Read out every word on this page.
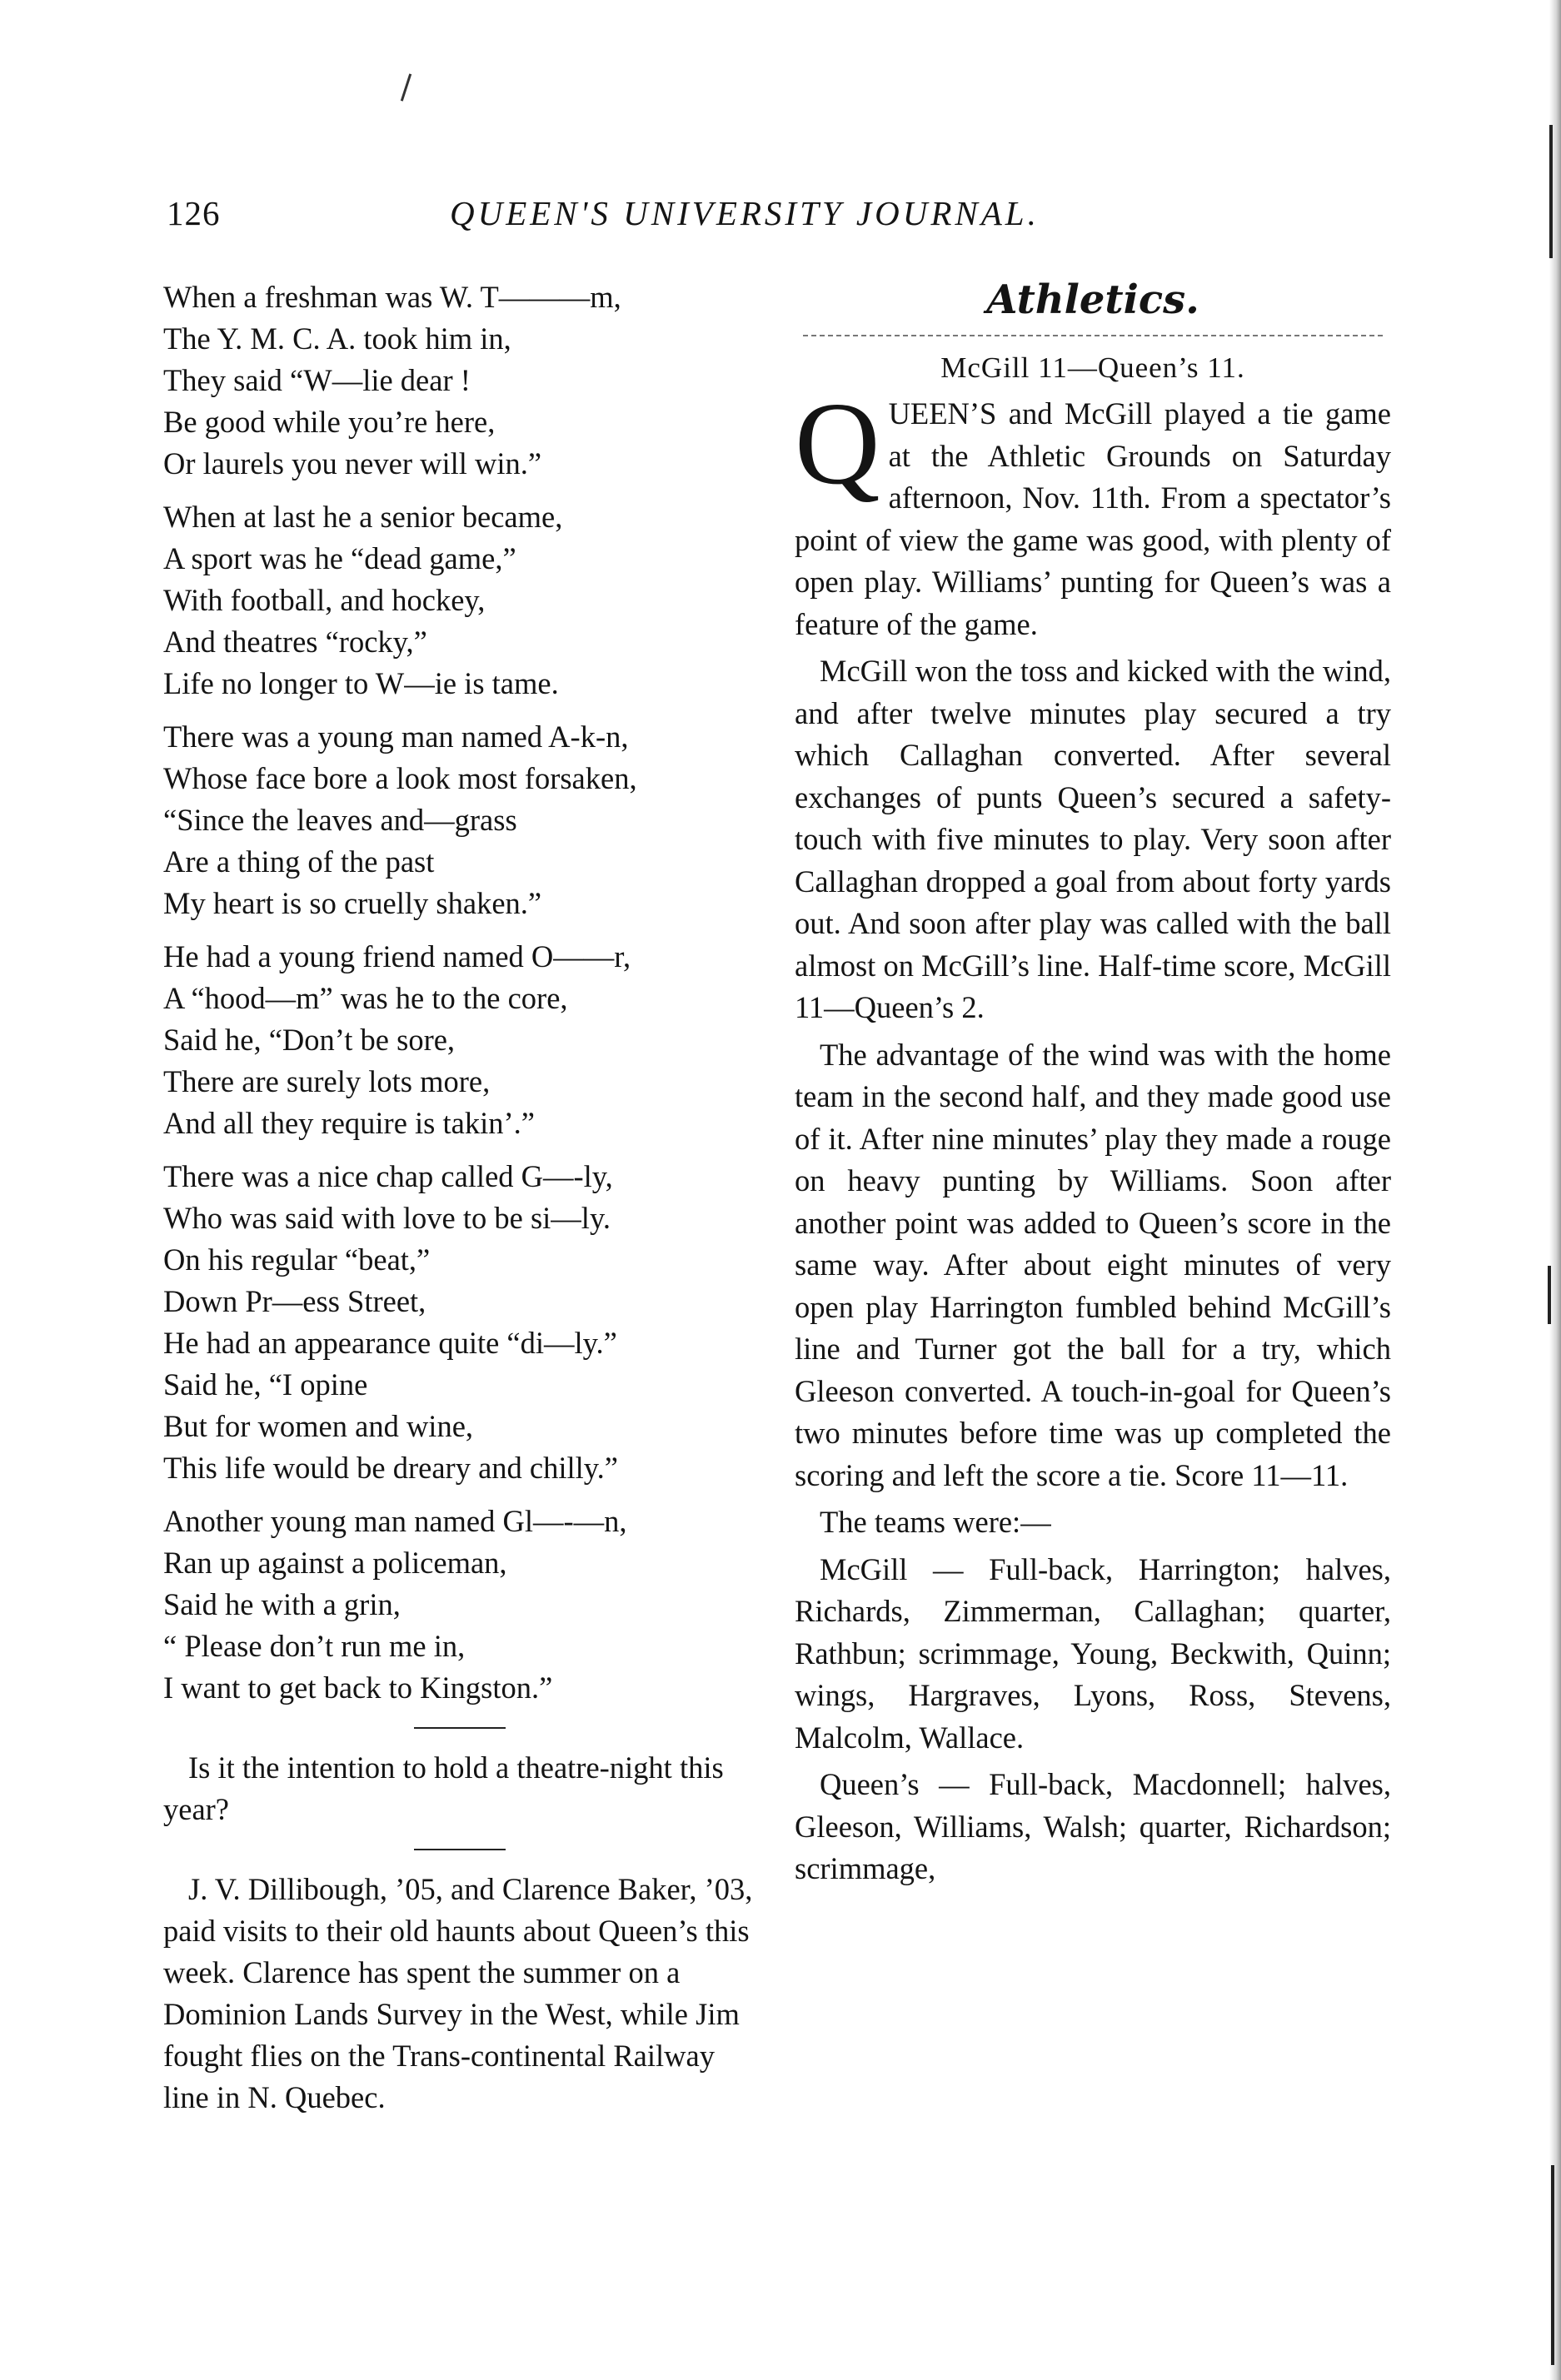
126	QUEEN'S UNIVERSITY JOURNAL.
When a freshman was W. T———m,
The Y. M. C. A. took him in,
They said “W—lie dear !
Be good while you’re here,
Or laurels you never will win.”
When at last he a senior became,
A sport was he “dead game,”
With football, and hockey,
And theatres “rocky,”
Life no longer to W—ie is tame.
There was a young man named A-k-n,
Whose face bore a look most forsaken,
“Since the leaves and—grass
Are a thing of the past
My heart is so cruelly shaken.”
He had a young friend named O——r,
A “hood—m” was he to the core,
Said he, “Don’t be sore,
There are surely lots more,
And all they require is takin’.”
There was a nice chap called G—-ly,
Who was said with love to be si—ly.
On his regular “beat,”
Down Pr—ess Street,
He had an appearance quite “di—ly.”
Said he, “I opine
But for women and wine,
This life would be dreary and chilly.”
Another young man named Gl—-—n,
Ran up against a policeman,
Said he with a grin,
“ Please don’t run me in,
I want to get back to Kingston.”

Is it the intention to hold a theatre-night this year?

J. V. Dillibough, ’05, and Clarence Baker, ’03, paid visits to their old haunts about Queen’s this week. Clarence has spent the summer on a Dominion Lands Survey in the West, while Jim fought flies on the Trans-continental Railway line in N. Quebec.

Athletics.
McGill 11—Queen’s 11.

QUEEN’S and McGill played a tie game at the Athletic Grounds on Saturday afternoon, Nov. 11th. From a spectator’s point of view the game was good, with plenty of open play. Williams’ punting for Queen’s was a feature of the game.

McGill won the toss and kicked with the wind, and after twelve minutes play secured a try which Callaghan converted. After several exchanges of punts Queen’s secured a safety-touch with five minutes to play. Very soon after Callaghan dropped a goal from about forty yards out. And soon after play was called with the ball almost on McGill’s line. Half-time score, McGill 11—Queen’s 2.

The advantage of the wind was with the home team in the second half, and they made good use of it. After nine minutes’ play they made a rouge on heavy punting by Williams. Soon after another point was added to Queen’s score in the same way. After about eight minutes of very open play Harrington fumbled behind McGill’s line and Turner got the ball for a try, which Gleeson converted. A touch-in-goal for Queen’s two minutes before time was up completed the scoring and left the score a tie. Score 11—11.

The teams were:—

McGill — Full-back, Harrington; halves, Richards, Zimmerman, Callaghan; quarter, Rathbun; scrimmage, Young, Beckwith, Quinn; wings, Hargraves, Lyons, Ross, Stevens, Malcolm, Wallace.

Queen’s — Full-back, Macdonnell; halves, Gleeson, Williams, Walsh; quarter, Richardson; scrimmage,
